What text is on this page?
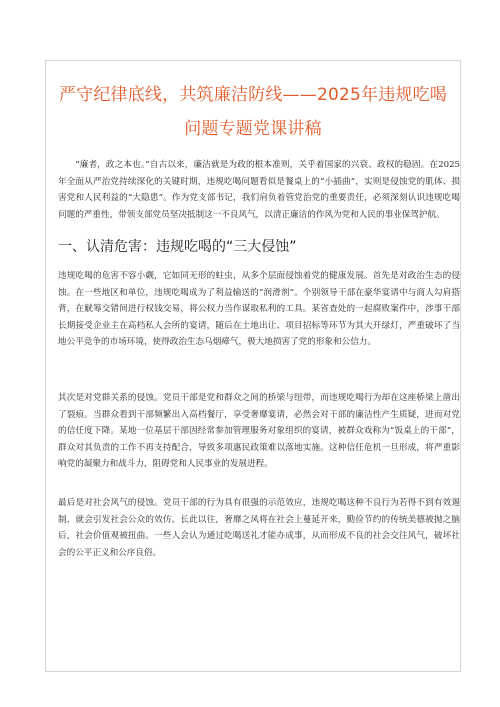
严守纪律底线，共筑廉洁防线——2025年违规吃喝问题专题党课讲稿

“廉者，政之本也。”自古以来，廉洁就是为政的根本准则，关乎着国家的兴衰、政权的稳固。在2025年全面从严治党持续深化的关键时期，违规吃喝问题看似是餐桌上的“小插曲”，实则是侵蚀党的肌体、损害党和人民利益的“大隐患”。作为党支部书记，我们肩负着管党治党的重要责任，必须深刻认识违规吃喝问题的严重性，带领支部党员坚决抵制这一不良风气，以清正廉洁的作风为党和人民的事业保驾护航。

一、认清危害：违规吃喝的“三大侵蚀”

违规吃喝的危害不容小觑，它如同无形的蛀虫，从多个层面侵蚀着党的健康发展。首先是对政治生态的侵蚀。在一些地区和单位，违规吃喝成为了利益输送的“润滑剂”。个别领导干部在豪华宴请中与商人勾肩搭背，在觥筹交错间进行权钱交易，将公权力当作谋取私利的工具。某省查处的一起腐败案件中，涉事干部长期接受企业主在高档私人会所的宴请，随后在土地出让、项目招标等环节为其大开绿灯，严重破坏了当地公平竞争的市场环境，使得政治生态乌烟瘴气，极大地损害了党的形象和公信力。

其次是对党群关系的侵蚀。党员干部是党和群众之间的桥梁与纽带，而违规吃喝行为却在这座桥梁上凿出了裂痕。当群众看到干部频繁出入高档餐厅，享受奢靡宴请，必然会对干部的廉洁性产生质疑，进而对党的信任度下降。某地一位基层干部因经常参加管理服务对象组织的宴请，被群众戏称为“饭桌上的干部”，群众对其负责的工作不再支持配合，导致多项惠民政策难以落地实施。这种信任危机一旦形成，将严重影响党的凝聚力和战斗力，阻碍党和人民事业的发展进程。

最后是对社会风气的侵蚀。党员干部的行为具有很强的示范效应，违规吃喝这种不良行为若得不到有效遏制，就会引发社会公众的效仿。长此以往，奢靡之风将在社会上蔓延开来，勤俭节约的传统美德被抛之脑后，社会价值观被扭曲。一些人会认为通过吃喝送礼才能办成事，从而形成不良的社会交往风气，破坏社会的公平正义和公序良俗。
